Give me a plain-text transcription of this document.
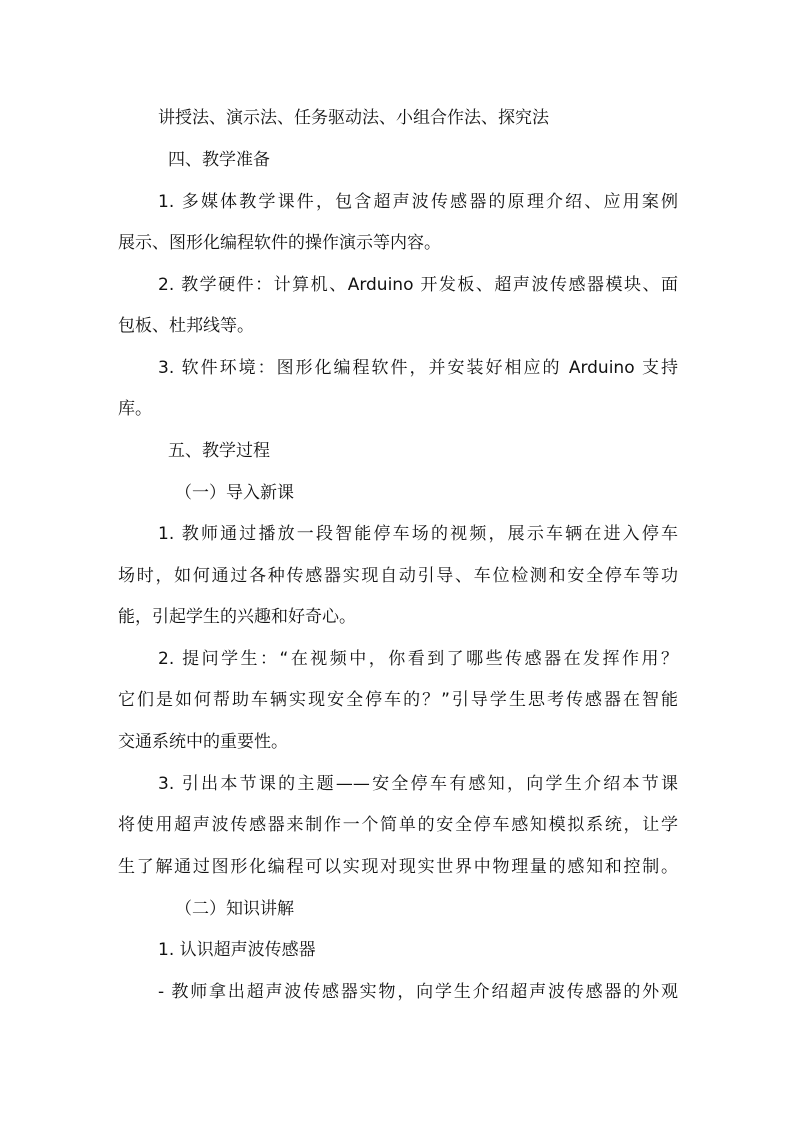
讲授法、演示法、任务驱动法、小组合作法、探究法
四、教学准备
1. 多媒体教学课件，包含超声波传感器的原理介绍、应用案例
展示、图形化编程软件的操作演示等内容。
2. 教学硬件：计算机、Arduino 开发板、超声波传感器模块、面
包板、杜邦线等。
3. 软件环境：图形化编程软件，并安装好相应的 Arduino 支持
库。
五、教学过程
（一）导入新课
1. 教师通过播放一段智能停车场的视频，展示车辆在进入停车
场时，如何通过各种传感器实现自动引导、车位检测和安全停车等功
能，引起学生的兴趣和好奇心。
2. 提问学生：“在视频中，你看到了哪些传感器在发挥作用？
它们是如何帮助车辆实现安全停车的？”引导学生思考传感器在智能
交通系统中的重要性。
3. 引出本节课的主题——安全停车有感知，向学生介绍本节课
将使用超声波传感器来制作一个简单的安全停车感知模拟系统，让学
生了解通过图形化编程可以实现对现实世界中物理量的感知和控制。
（二）知识讲解
1. 认识超声波传感器
- 教师拿出超声波传感器实物，向学生介绍超声波传感器的外观
